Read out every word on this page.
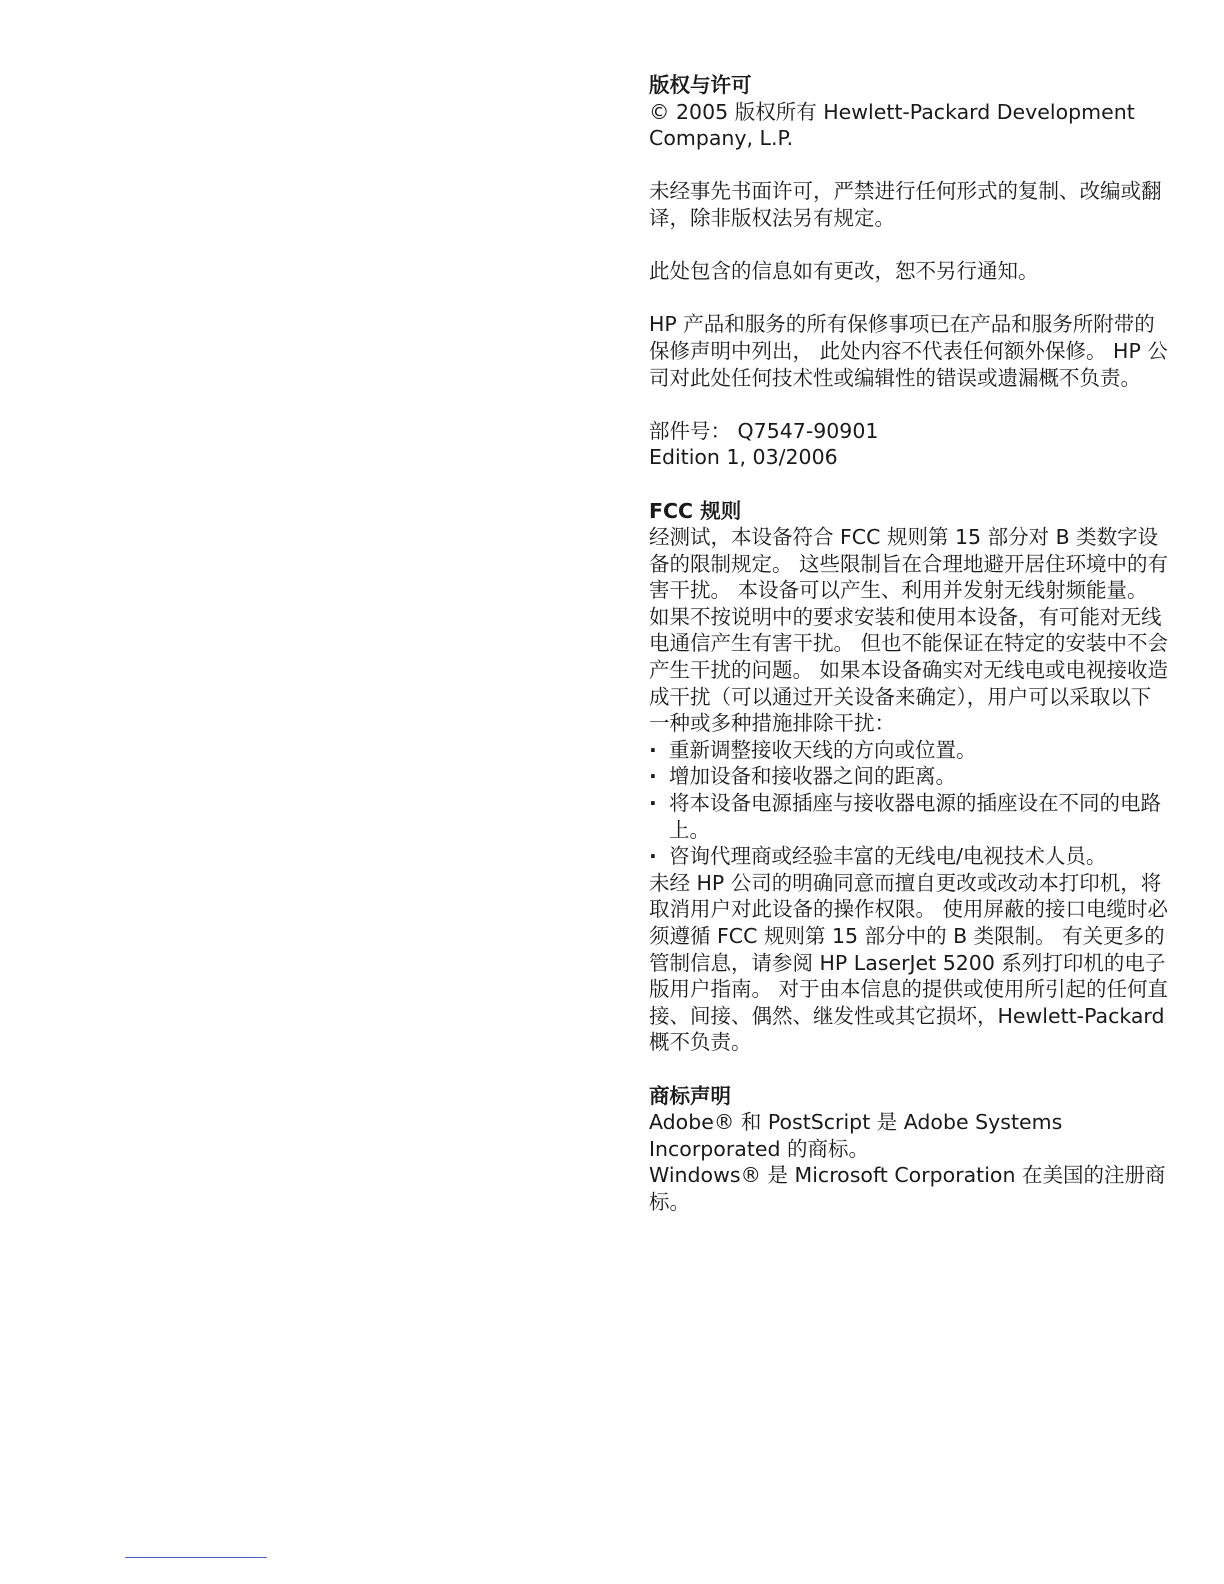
版权与许可

© 2005 版权所有 Hewlett-Packard Development Company, L.P.

未经事先书面许可，严禁进行任何形式的复制、改编或翻译，除非版权法另有规定。

此处包含的信息如有更改，恕不另行通知。

HP 产品和服务的所有保修事项已在产品和服务所附带的保修声明中列出， 此处内容不代表任何额外保修。 HP 公司对此处任何技术性或编辑性的错误或遗漏概不负责。

部件号： Q7547-90901

Edition 1, 03/2006

FCC 规则

经测试，本设备符合 FCC 规则第 15 部分对 B 类数字设备的限制规定。 这些限制旨在合理地避开居住环境中的有害干扰。 本设备可以产生、利用并发射无线射频能量。 如果不按说明中的要求安装和使用本设备，有可能对无线电通信产生有害干扰。 但也不能保证在特定的安装中不会产生干扰的问题。 如果本设备确实对无线电或电视接收造成干扰（可以通过开关设备来确定），用户可以采取以下一种或多种措施排除干扰：

· 重新调整接收天线的方向或位置。
· 增加设备和接收器之间的距离。
· 将本设备电源插座与接收器电源的插座设在不同的电路上。
· 咨询代理商或经验丰富的无线电/电视技术人员。

未经 HP 公司的明确同意而擅自更改或改动本打印机，将取消用户对此设备的操作权限。 使用屏蔽的接口电缆时必须遵循 FCC 规则第 15 部分中的 B 类限制。 有关更多的管制信息，请参阅 HP LaserJet 5200 系列打印机的电子版用户指南。 对于由本信息的提供或使用所引起的任何直接、间接、偶然、继发性或其它损坏，Hewlett-Packard 概不负责。

商标声明

Adobe® 和 PostScript 是 Adobe Systems Incorporated 的商标。

Windows® 是 Microsoft Corporation 在美国的注册商标。
